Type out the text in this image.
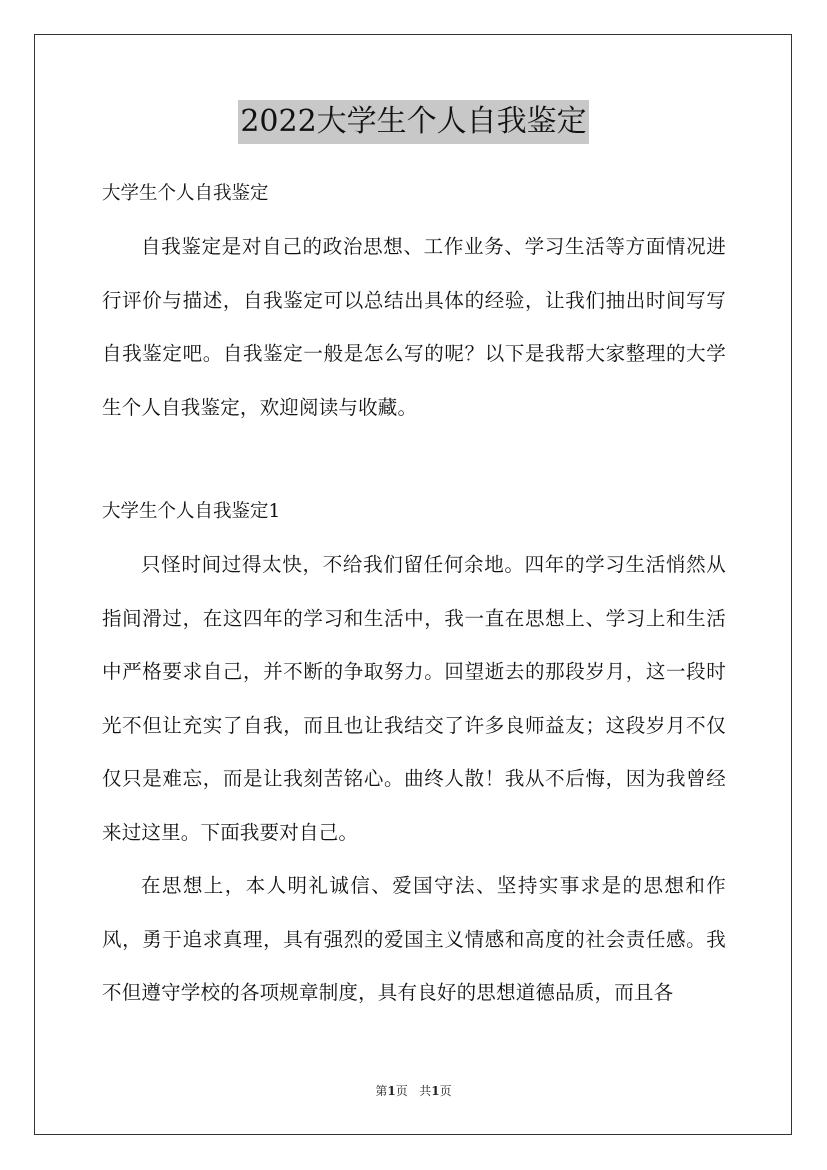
2022大学生个人自我鉴定

大学生个人自我鉴定

自我鉴定是对自己的政治思想、工作业务、学习生活等方面情况进行评价与描述，自我鉴定可以总结出具体的经验，让我们抽出时间写写自我鉴定吧。自我鉴定一般是怎么写的呢？以下是我帮大家整理的大学生个人自我鉴定，欢迎阅读与收藏。

大学生个人自我鉴定1

只怪时间过得太快，不给我们留任何余地。四年的学习生活悄然从指间滑过，在这四年的学习和生活中，我一直在思想上、学习上和生活中严格要求自己，并不断的争取努力。回望逝去的那段岁月，这一段时光不但让充实了自我，而且也让我结交了许多良师益友；这段岁月不仅仅只是难忘，而是让我刻苦铭心。曲终人散！我从不后悔，因为我曾经来过这里。下面我要对自己。

在思想上，本人明礼诚信、爱国守法、坚持实事求是的思想和作风，勇于追求真理，具有强烈的爱国主义情感和高度的社会责任感。我不但遵守学校的各项规章制度，具有良好的思想道德品质，而且各

第1页 共1页
